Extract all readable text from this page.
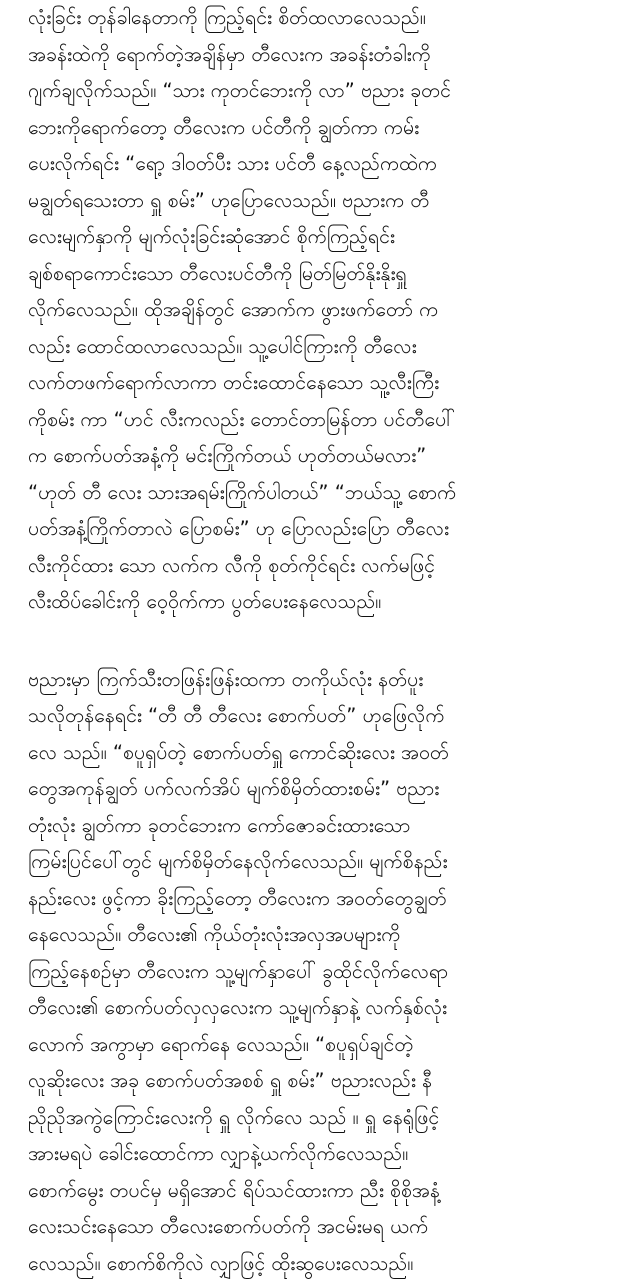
လုံးခြင်း တုန်ခါနေတာကို ကြည့်ရင်း စိတ်ထလာလေသည်။
အခန်းထဲကို ရောက်တဲ့အချိန်မှာ တီလေးက အခန်းတံခါးကို
ဂျက်ချလိုက်သည်။ “သား ကုတင်ဘေးကို လာ” ဗညား ခုတင်
ဘေးကိုရောက်တော့ တီလေးက ပင်တီကို ချွတ်ကာ ကမ်း
ပေးလိုက်ရင်း “ရော့ ဒါဝတ်ပီး သား ပင်တီ နေ့လည်ကထဲက
မချွတ်ရသေးတာ ရှူ စမ်း” ဟုပြောလေသည်။ ဗညားက တီ
လေးမျက်နှာကို မျက်လုံးခြင်းဆုံအောင် စိုက်ကြည့်ရင်း
ချစ်စရာကောင်းသော တီလေးပင်တီကို မြတ်မြတ်နိုးနိုးရှူ
လိုက်လေသည်။ ထိုအချိန်တွင် အောက်က ဖွားဖက်တော် က
လည်း ထောင်ထလာလေသည်။ သူ့ပေါင်ကြားကို တီလေး
လက်တဖက်ရောက်လာကာ တင်းထောင်နေသော သူ့လီးကြီး
ကိုစမ်း ကာ “ဟင် လီးကလည်း တောင်တာမြန်တာ ပင်တီပေါ်
က စောက်ပတ်အနံ့ကို မင်းကြိုက်တယ် ဟုတ်တယ်မလား”
“ဟုတ် တီ လေး သားအရမ်းကြိုက်ပါတယ်” “ဘယ်သူ့ စောက်
ပတ်အနံ့ကြိုက်တာလဲ ပြောစမ်း” ဟု ပြောလည်းပြော တီလေး
လီးကိုင်ထား သော လက်က လီကို စုတ်ကိုင်ရင်း လက်မဖြင့်
လီးထိပ်ခေါင်းကို ဝေ့ဝိုက်ကာ ပွတ်ပေးနေလေသည်။
ဗညားမှာ ကြက်သီးတဖြန်းဖြန်းထကာ တကိုယ်လုံး နတ်ပူး
သလိုတုန်နေရင်း “တီ တီ တီလေး စောက်ပတ်” ဟုဖြေလိုက်
လေ သည်။ “စပူရှပ်တဲ့ စောက်ပတ်ရှူ ကောင်ဆိုးလေး အဝတ်
တွေအကုန်ချွတ် ပက်လက်အိပ် မျက်စိမှိတ်ထားစမ်း” ဗညား
တုံးလုံး ချွတ်ကာ ခုတင်ဘေးက ကော်ဇောခင်းထားသော
ကြမ်းပြင်ပေါ်တွင် မျက်စိမှိတ်နေလိုက်လေသည်။ မျက်စိနည်း
နည်းလေး ဖွင့်ကာ ခိုးကြည့်တော့ တီလေးက အဝတ်တွေချွတ်
နေလေသည်။ တီလေး၏ ကိုယ်တုံးလုံးအလှအပများကို
ကြည့်နေစဉ်မှာ တီလေးက သူ့မျက်နှာပေါ် ခွထိုင်လိုက်လေရာ
တီလေး၏ စောက်ပတ်လှလှလေးက သူ့မျက်နှာနဲ့ လက်နှစ်လုံး
လောက် အကွာမှာ ရောက်နေ လေသည်။ “စပူရှပ်ချင်တဲ့
လူဆိုးလေး အခု စောက်ပတ်အစစ် ရှူ စမ်း” ဗညားလည်း နီ
ညိုညိုအကွဲကြောင်းလေးကို ရှူ လိုက်လေ သည် ။ ရှူ နေရုံဖြင့်
အားမရပဲ ခေါင်းထောင်ကာ လျှာနဲ့ယက်လိုက်လေသည်။
စောက်မွေး တပင်မှ မရှိအောင် ရိပ်သင်ထားကာ ညီး စိုစိုအနံ့
လေးသင်းနေသော တီလေးစောက်ပတ်ကို အငမ်းမရ ယက်
လေသည်။ စောက်စိကိုလဲ လျှာဖြင့် ထိုးဆွပေးလေသည်။
